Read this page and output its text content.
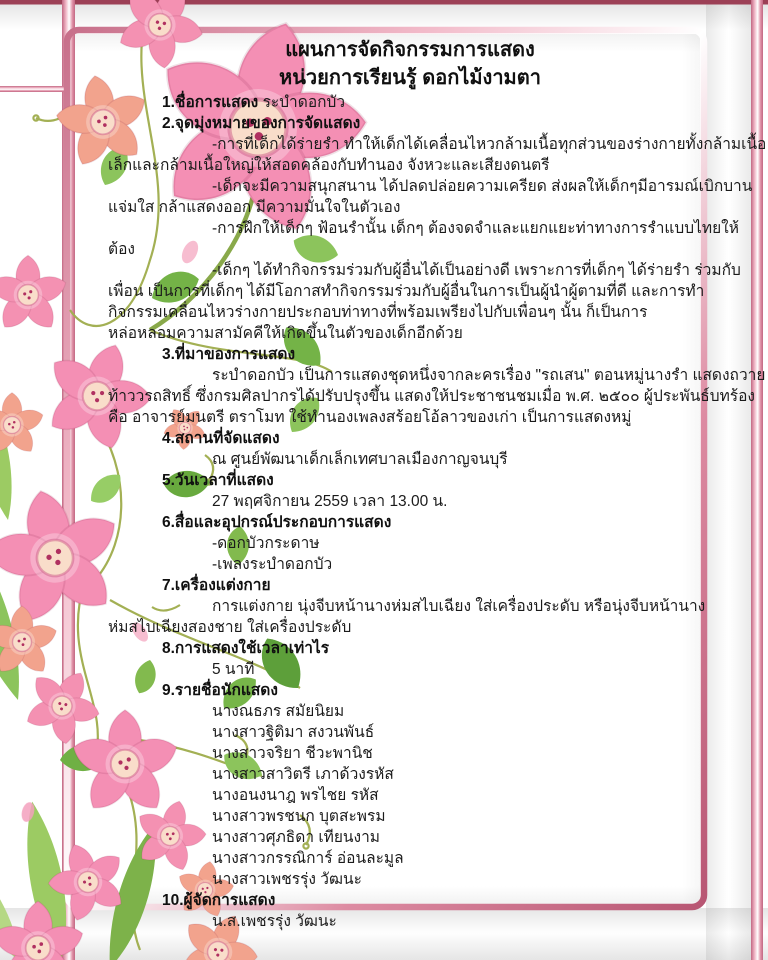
แผนการจัดกิจกรรมการแสดง
หน่วยการเรียนรู้ ดอกไม้งามตา
1.ชื่อการแสดง ระบำดอกบัว
2.จุดมุ่งหมายของการจัดแสดง
-การที่เด็กได้ร่ายรำ ทำให้เด็กได้เคลื่อนไหวกล้ามเนื้อทุกส่วนของร่างกายทั้งกล้ามเนื้อ
เล็กและกล้ามเนื้อใหญ่ให้สอดคล้องกับทำนอง จังหวะและเสียงดนตรี
-เด็กจะมีความสนุกสนาน ได้ปลดปล่อยความเครียด ส่งผลให้เด็กๆมีอารมณ์เบิกบาน
แจ่มใส กล้าแสดงออก มีความมั่นใจในตัวเอง
-การฝึกให้เด็กๆ ฟ้อนรำนั้น เด็กๆ ต้องจดจำและแยกแยะท่าทางการรำแบบไทยให้
ต้อง
-เด็กๆ ได้ทำกิจกรรมร่วมกับผู้อื่นได้เป็นอย่างดี เพราะการที่เด็กๆ ได้ร่ายรำ ร่วมกับ
เพื่อน เป็นการที่เด็กๆ ได้มีโอกาสทำกิจกรรมร่วมกับผู้อื่นในการเป็นผู้นำผู้ตามที่ดี และการทำ
กิจกรรมเคลื่อนไหวร่างกายประกอบท่าทางที่พร้อมเพรียงไปกับเพื่อนๆ นั้น ก็เป็นการ
หล่อหลอมความสามัคคีให้เกิดขึ้นในตัวของเด็กอีกด้วย
3.ที่มาของการแสดง
ระบำดอกบัว เป็นการแสดงชุดหนึ่งจากละครเรื่อง "รถเสน" ตอนหมู่นางรำ แสดงถวาย
ท้าววรถสิทธิ์ ซึ่งกรมศิลปากรได้ปรับปรุงขึ้น แสดงให้ประชาชนชมเมื่อ พ.ศ. ๒๕๐๐ ผู้ประพันธ์บทร้อง
คือ อาจารย์มนตรี ตราโมท ใช้ทำนองเพลงสร้อยโอ้ลาวของเก่า เป็นการแสดงหมู่
4.สถานที่จัดแสดง
ณ ศูนย์พัฒนาเด็กเล็กเทศบาลเมืองกาญจนบุรี
5.วันเวลาที่แสดง
27 พฤศจิกายน 2559 เวลา 13.00 น.
6.สื่อและอุปกรณ์ประกอบการแสดง
-ดอกบัวกระดาษ
-เพลงระบำดอกบัว
7.เครื่องแต่งกาย
การแต่งกาย นุ่งจีบหน้านางห่มสไบเฉียง ใส่เครื่องประดับ หรือนุ่งจีบหน้านาง
ห่มสไบเฉียงสองชาย ใส่เครื่องประดับ
8.การแสดงใช้เวลาเท่าไร
5 นาที
9.รายชื่อนักแสดง
นางณธภร สมัยนิยม
นางสาวฐิติมา สงวนพันธ์
นางสาวจริยา ชีวะพานิช
นางสาวสาวิตรี เภาด้วงรหัส
นางอนงนาฎ พรไชย รหัส
นางสาวพรชนก บุตสะพรม
นางสาวศุภธิดา เทียนงาม
นางสาวกรรณิการ์ อ่อนละมูล
นางสาวเพชรรุ่ง วัฒนะ
10.ผู้จัดการแสดง
น.ส.เพชรรุ่ง วัฒนะ
